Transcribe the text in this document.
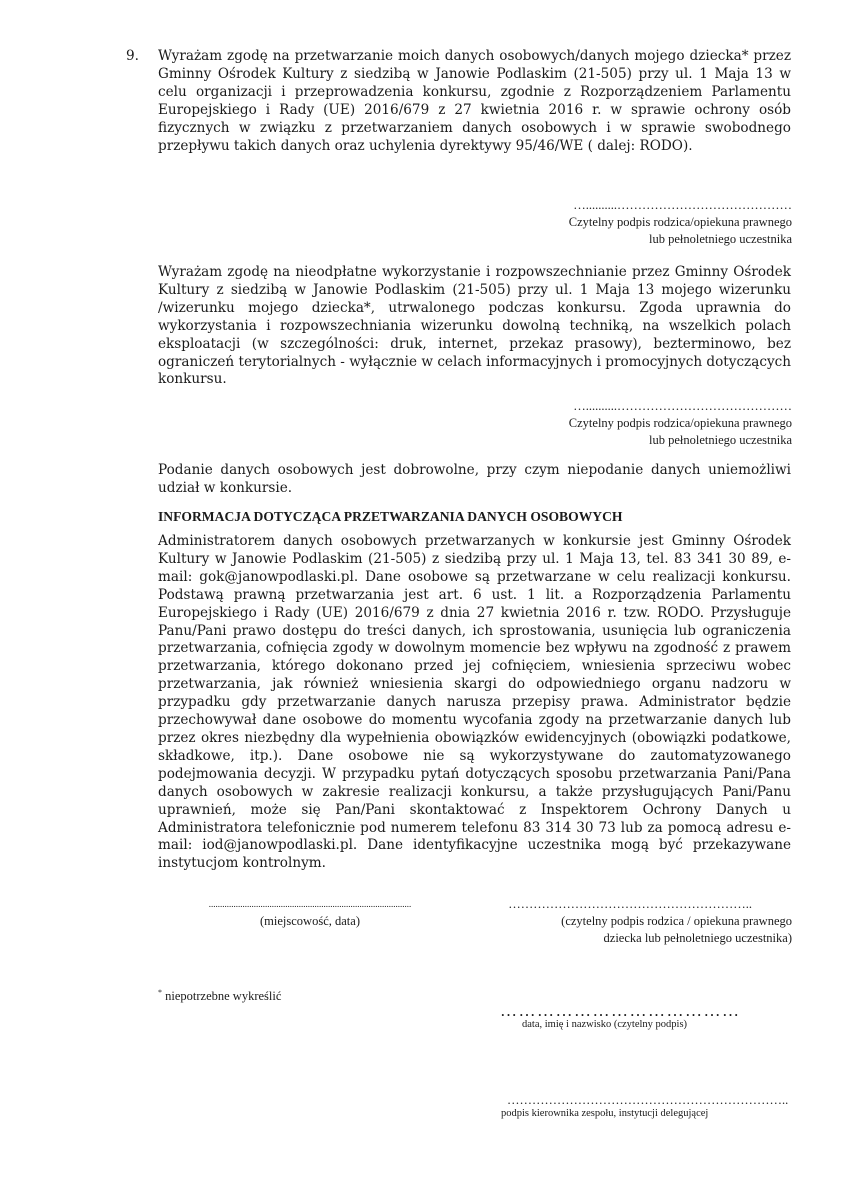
9. Wyrażam zgodę na przetwarzanie moich danych osobowych/danych mojego dziecka* przez Gminny Ośrodek Kultury z siedzibą w Janowie Podlaskim (21-505) przy ul. 1 Maja 13 w celu organizacji i przeprowadzenia konkursu, zgodnie z Rozporządzeniem Parlamentu Europejskiego i Rady (UE) 2016/679 z 27 kwietnia 2016 r. w sprawie ochrony osób fizycznych w związku z przetwarzaniem danych osobowych i w sprawie swobodnego przepływu takich danych oraz uchylenia dyrektywy 95/46/WE ( dalej: RODO).

…..........……………………………………
Czytelny podpis rodzica/opiekuna prawnego
lub pełnoletniego uczestnika

Wyrażam zgodę na nieodpłatne wykorzystanie i rozpowszechnianie przez Gminny Ośrodek Kultury z siedzibą w Janowie Podlaskim (21-505) przy ul. 1 Maja 13 mojego wizerunku /wizerunku mojego dziecka*, utrwalonego podczas konkursu. Zgoda uprawnia do wykorzystania i rozpowszechniania wizerunku dowolną techniką, na wszelkich polach eksploatacji (w szczególności: druk, internet, przekaz prasowy), bezterminowo, bez ograniczeń terytorialnych - wyłącznie w celach informacyjnych i promocyjnych dotyczących konkursu.

…..........……………………………………
Czytelny podpis rodzica/opiekuna prawnego
lub pełnoletniego uczestnika

Podanie danych osobowych jest dobrowolne, przy czym niepodanie danych uniemożliwi udział w konkursie.

INFORMACJA DOTYCZĄCA PRZETWARZANIA DANYCH OSOBOWYCH

Administratorem danych osobowych przetwarzanych w konkursie jest Gminny Ośrodek Kultury w Janowie Podlaskim (21-505) z siedzibą przy ul. 1 Maja 13, tel. 83 341 30 89, e-mail: gok@janowpodlaski.pl. Dane osobowe są przetwarzane w celu realizacji konkursu. Podstawą prawną przetwarzania jest art. 6 ust. 1 lit. a Rozporządzenia Parlamentu Europejskiego i Rady (UE) 2016/679 z dnia 27 kwietnia 2016 r. tzw. RODO. Przysługuje Panu/Pani prawo dostępu do treści danych, ich sprostowania, usunięcia lub ograniczenia przetwarzania, cofnięcia zgody w dowolnym momencie bez wpływu na zgodność z prawem przetwarzania, którego dokonano przed jej cofnięciem, wniesienia sprzeciwu wobec przetwarzania, jak również wniesienia skargi do odpowiedniego organu nadzoru w przypadku gdy przetwarzanie danych narusza przepisy prawa. Administrator będzie przechowywał dane osobowe do momentu wycofania zgody na przetwarzanie danych lub przez okres niezbędny dla wypełnienia obowiązków ewidencyjnych (obowiązki podatkowe, składkowe, itp.). Dane osobowe nie są wykorzystywane do zautomatyzowanego podejmowania decyzji. W przypadku pytań dotyczących sposobu przetwarzania Pani/Pana danych osobowych w zakresie realizacji konkursu, a także przysługujących Pani/Panu uprawnień, może się Pan/Pani skontaktować z Inspektorem Ochrony Danych u Administratora telefonicznie pod numerem telefonu 83 314 30 73 lub za pomocą adresu e-mail: iod@janowpodlaski.pl. Dane identyfikacyjne uczestnika mogą być przekazywane instytucjom kontrolnym.

..........................................................................................
(miejscowość, data)
…………………………………………………..
(czytelny podpis rodzica / opiekuna prawnego
dziecka lub pełnoletniego uczestnika)
* niepotrzebne wykreślić
…………………………………
data, imię i nazwisko (czytelny podpis)
…………………………………………………………..
podpis kierownika zespołu, instytucji delegującej
